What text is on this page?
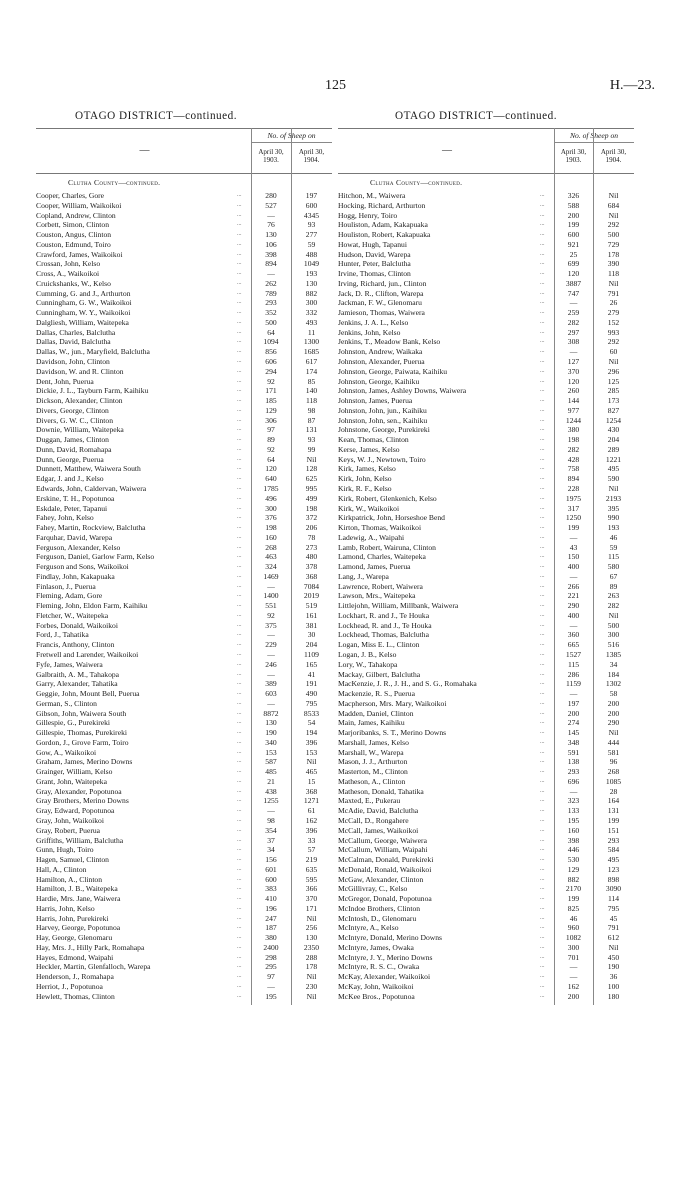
125	H.—23.
OTAGO DISTRICT—continued.	OTAGO DISTRICT—continued.
—
No. of Sheep on
April 30,
1903.
April 30,
1904.
Clutha County—continued.
Cooper, Charles, Gore	...	280	197
Cooper, William, Waikoikoi	...	527	600
Copland, Andrew, Clinton	...	—	4345
Corbett, Simon, Clinton	...	76	93
Couston, Angus, Clinton	...	130	277
Couston, Edmund, Toiro	...	106	59
Crawford, James, Waikoikoi	...	398	488
Crossan, John, Kelso	...	894	1049
Cross, A., Waikoikoi	...	—	193
Cruickshanks, W., Kelso	...	262	130
Cumming, G. and J., Arthurton	...	789	882
Cunningham, G. W., Waikoikoi	...	293	300
Cunningham, W. Y., Waikoikoi	...	352	332
Dalgliesh, William, Waitepeka	...	500	493
Dallas, Charles, Balclutha	...	64	11
Dallas, David, Balclutha	...	1094	1300
Dallas, W., jun., Maryfield, Balclutha	...	856	1685
Davidson, John, Clinton	...	606	617
Davidson, W. and R. Clinton	...	294	174
Dent, John, Puerua	...	92	85
Dickie, J. L., Tayburn Farm, Kaihiku	...	171	140
Dickson, Alexander, Clinton	...	185	118
Divers, George, Clinton	...	129	98
Divers, G. W. C., Clinton	...	306	87
Downie, William, Waitepeka	...	97	131
Duggan, James, Clinton	...	89	93
Dunn, David, Romahapa	...	92	99
Dunn, George, Puerua	...	64	Nil
Dunnett, Matthew, Waiwera South	...	120	128
Edgar, J. and J., Kelso	...	640	625
Edwards, John, Caldervan, Waiwera	...	1785	995
Erskine, T. H., Popotunoa	...	496	499
Eskdale, Peter, Tapanui	...	300	198
Fahey, John, Kelso	...	376	372
Fahey, Martin, Rockview, Balclutha	...	198	206
Farquhar, David, Warepa	...	160	78
Ferguson, Alexander, Kelso	...	268	273
Ferguson, Daniel, Garlow Farm, Kelso	...	463	480
Ferguson and Sons, Waikoikoi	...	324	378
Findlay, John, Kakapuaka	...	1469	368
Finlason, J., Puerua	...	—	7084
Fleming, Adam, Gore	...	1400	2019
Fleming, John, Eldon Farm, Kaihiku	...	551	519
Fletcher, W., Waitepeka	...	92	161
Forbes, Donald, Waikoikoi	...	375	381
Ford, J., Tahatika	...	—	30
Francis, Anthony, Clinton	...	229	204
Fretwell and Larender, Waikoikoi	...	—	1109
Fyfe, James, Waiwera	...	246	165
Galbraith, A. M., Tahakopa	...	—	41
Garry, Alexander, Tahatika	...	389	191
Geggie, John, Mount Bell, Puerua	...	603	490
German, S., Clinton	...	—	795
Gibson, John, Waiwera South	...	8872	8533
Gillespie, G., Purekireki	...	130	54
Gillespie, Thomas, Purekireki	...	190	194
Gordon, J., Grove Farm, Toiro	...	340	396
Gow, A., Waikoikoi	...	153	153
Graham, James, Merino Downs	...	587	Nil
Grainger, William, Kelso	...	485	465
Grant, John, Waitepeka	...	21	15
Gray, Alexander, Popotunoa	...	438	368
Gray Brothers, Merino Downs	...	1255	1271
Gray, Edward, Popotunoa	...	—	61
Gray, John, Waikoikoi	...	98	162
Gray, Robert, Puerua	...	354	396
Griffiths, William, Balclutha	...	37	33
Gunn, Hugh, Toiro	...	34	57
Hagen, Samuel, Clinton	...	156	219
Hall, A., Clinton	...	601	635
Hamilton, A., Clinton	...	600	595
Hamilton, J. B., Waitepeka	...	383	366
Hardie, Mrs. Jane, Waiwera	...	410	370
Harris, John, Kelso	...	196	171
Harris, John, Purekireki	...	247	Nil
Harvey, George, Popotunoa	...	187	256
Hay, George, Glenomaru	...	380	130
Hay, Mrs. J., Hilly Park, Romahapa	...	2400	2350
Hayes, Edmond, Waipahi	...	298	288
Heckler, Martin, Glenfalloch, Warepa	...	295	178
Henderson, J., Romahapa	...	97	Nil
Herriot, J., Popotunoa	...	—	230
Hewlett, Thomas, Clinton	...	195	Nil
—
No. of Sheep on
April 30,
1903.
April 30,
1904.
Clutha County—continued.
Hitchon, M., Waiwera	...	326	Nil
Hocking, Richard, Arthurton	...	588	684
Hogg, Henry, Toiro	...	200	Nil
Houliston, Adam, Kakapuaka	...	199	292
Houliston, Robert, Kakapuaka	...	600	500
Howat, Hugh, Tapanui	...	921	729
Hudson, David, Warepa	...	25	178
Hunter, Peter, Balclutha	...	699	390
Irvine, Thomas, Clinton	...	120	118
Irving, Richard, jun., Clinton	...	3887	Nil
Jack, D. R., Clifton, Warepa	...	747	791
Jackman, F. W., Glenomaru	...	—	26
Jamieson, Thomas, Waiwera	...	259	279
Jenkins, J. A. L., Kelso	...	282	152
Jenkins, John, Kelso	...	297	993
Jenkins, T., Meadow Bank, Kelso	...	308	292
Johnston, Andrew, Waikaka	...	—	60
Johnston, Alexander, Puerua	...	127	Nil
Johnston, George, Paiwata, Kaihiku	...	370	296
Johnston, George, Kaihiku	...	120	125
Johnston, James, Ashley Downs, Waiwera	...	260	285
Johnston, James, Puerua	...	144	173
Johnston, John, jun., Kaihiku	...	977	827
Johnston, John, sen., Kaihiku	...	1244	1254
Johnstone, George, Purekireki	...	380	430
Kean, Thomas, Clinton	...	198	204
Kerse, James, Kelso	...	282	289
Keys, W. J., Newtown, Toiro	...	428	1221
Kirk, James, Kelso	...	758	495
Kirk, John, Kelso	...	894	590
Kirk, R. F., Kelso	...	228	Nil
Kirk, Robert, Glenkenich, Kelso	...	1975	2193
Kirk, W., Waikoikoi	...	317	395
Kirkpatrick, John, Horseshoe Bend	...	1250	990
Kirton, Thomas, Waikoikoi	...	199	193
Ladewig, A., Waipahi	...	—	46
Lamb, Robert, Wairuna, Clinton	...	43	59
Lamond, Charles, Waitepeka	...	150	115
Lamond, James, Puerua	...	400	580
Lang, J., Warepa	...	—	67
Lawrence, Robert, Waiwera	...	266	89
Lawson, Mrs., Waitepeka	...	221	263
Littlejohn, William, Millbank, Waiwera	...	290	282
Lockhart, R. and J., Te Houka	...	400	Nil
Lockhead, R. and J., Te Houka	...	—	500
Lockhead, Thomas, Balclutha	...	360	300
Logan, Miss E. L., Clinton	...	665	516
Logan, J. B., Kelso	...	1527	1385
Lory, W., Tahakopa	...	115	34
Mackay, Gilbert, Balclutha	...	286	184
MacKenzie, J. R., J. H., and S. G., Romahaka	...	1159	1302
Mackenzie, R. S., Puerua	...	—	58
Macpherson, Mrs. Mary, Waikoikoi	...	197	200
Madden, Daniel, Clinton	...	200	200
Main, James, Kaihiku	...	274	290
Marjoribanks, S. T., Merino Downs	...	145	Nil
Marshall, James, Kelso	...	348	444
Marshall, W., Warepa	...	591	581
Mason, J. J., Arthurton	...	138	96
Masterton, M., Clinton	...	293	268
Matheson, A., Clinton	...	696	1085
Matheson, Donald, Tahatika	...	—	28
Maxted, E., Pukerau	...	323	164
McAdie, David, Balclutha	...	133	131
McCall, D., Rongahere	...	195	199
McCall, James, Waikoikoi	...	160	151
McCallum, George, Waiwera	...	398	293
McCallum, William, Waipahi	...	446	584
McCalman, Donald, Purekireki	...	530	495
McDonald, Ronald, Waikoikoi	...	129	123
McGaw, Alexander, Clinton	...	882	898
McGillivray, C., Kelso	...	2170	3090
McGregor, Donald, Popotunoa	...	199	114
McIndoe Brothers, Clinton	...	825	795
McIntosh, D., Glenomaru	...	46	45
McIntyre, A., Kelso	...	960	791
McIntyre, Donald, Merino Downs	...	1082	612
McIntyre, James, Owaka	...	300	Nil
McIntyre, J. Y., Merino Downs	...	701	450
McIntyre, R. S. C., Owaka	...	—	190
McKay, Alexander, Waikoikoi	...	—	36
McKay, John, Waikoikoi	...	162	100
McKee Bros., Popotunoa	...	200	180
